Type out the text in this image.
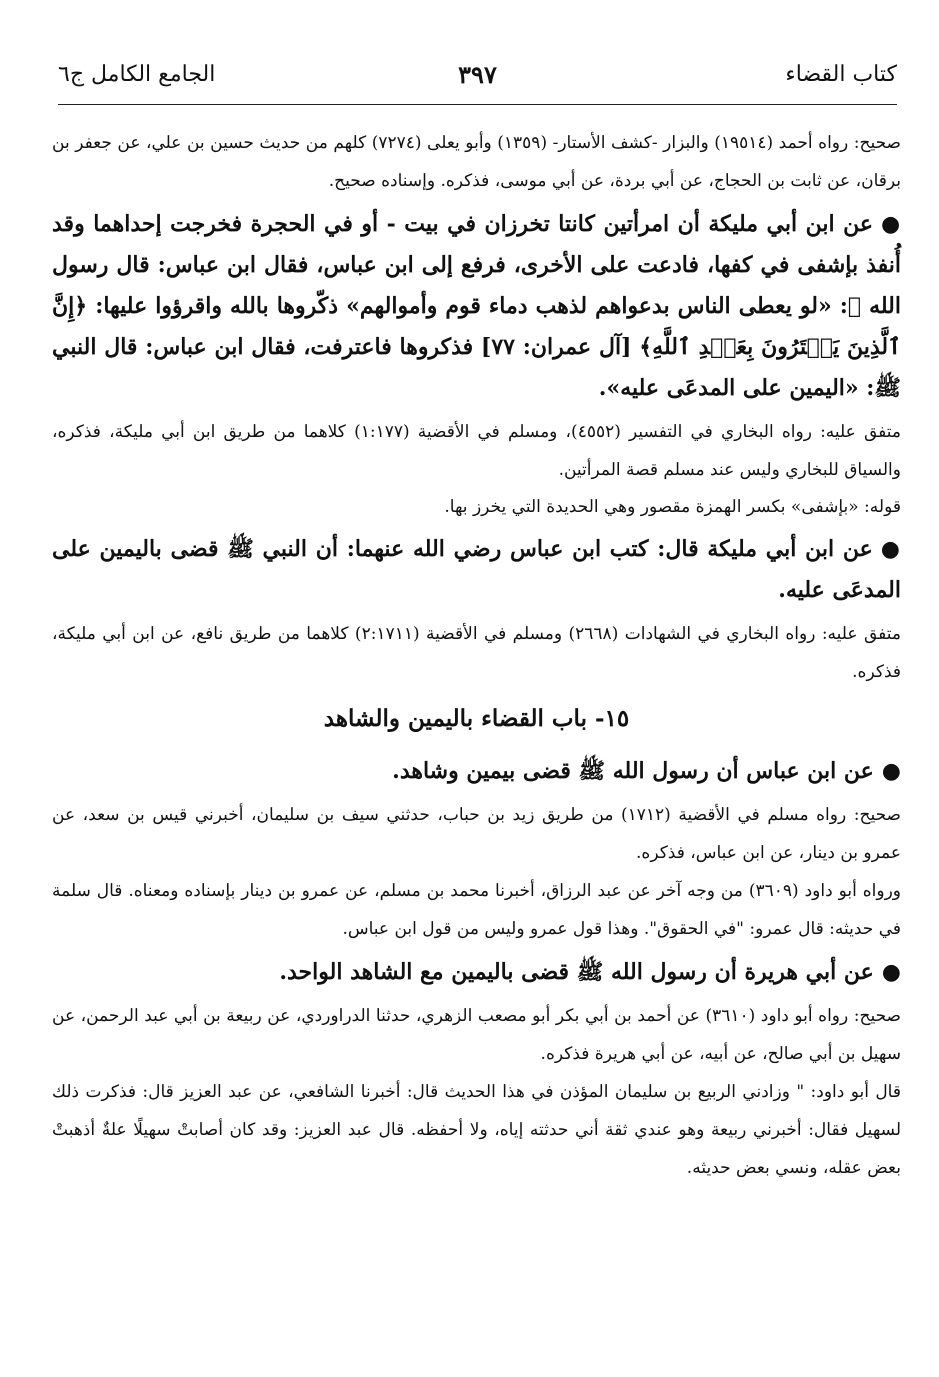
كتاب القضاء
٣٩٧
الجامع الكامل ج٦

صحيح: رواه أحمد (١٩٥١٤) والبزار -كشف الأستار- (١٣٥٩) وأبو يعلى (٧٢٧٤) كلهم من حديث حسين بن علي، عن جعفر بن برقان، عن ثابت بن الحجاج، عن أبي بردة، عن أبي موسى، فذكره. وإسناده صحيح.

●عن ابن أبي مليكة أن امرأتين كانتا تخرزان في بيت - أو في الحجرة فخرجت إحداهما وقد أُنفذ بإشفى في كفها، فادعت على الأخرى، فرفع إلى ابن عباس، فقال ابن عباس: قال رسول الله ﷺ: «لو يعطى الناس بدعواهم لذهب دماء قوم وأموالهم» ذكّروها بالله واقرؤوا عليها: ﴿إِنَّ ٱلَّذِينَ يَشۡتَرُونَ بِعَهۡدِ ٱللَّهِ﴾ [آل عمران: ٧٧] فذكروها فاعترفت، فقال ابن عباس: قال النبي ﷺ: «اليمين على المدعَى عليه».

متفق عليه: رواه البخاري في التفسير (٤٥٥٢)، ومسلم في الأقضية (١:١٧٧) كلاهما من طريق ابن أبي مليكة، فذكره، والسياق للبخاري وليس عند مسلم قصة المرأتين.

قوله: «بإشفى» بكسر الهمزة مقصور وهي الحديدة التي يخرز بها.

●عن ابن أبي مليكة قال: كتب ابن عباس رضي الله عنهما: أن النبي ﷺ قضى باليمين على المدعَى عليه.

متفق عليه: رواه البخاري في الشهادات (٢٦٦٨) ومسلم في الأقضية (٢:١٧١١) كلاهما من طريق نافع، عن ابن أبي مليكة، فذكره.

١٥- باب القضاء باليمين والشاهد

●عن ابن عباس أن رسول الله ﷺ قضى بيمين وشاهد.

صحيح: رواه مسلم في الأقضية (١٧١٢) من طريق زيد بن حباب، حدثني سيف بن سليمان، أخبرني قيس بن سعد، عن عمرو بن دينار، عن ابن عباس، فذكره.

ورواه أبو داود (٣٦٠٩) من وجه آخر عن عبد الرزاق، أخبرنا محمد بن مسلم، عن عمرو بن دينار بإسناده ومعناه. قال سلمة في حديثه: قال عمرو: "في الحقوق". وهذا قول عمرو وليس من قول ابن عباس.

●عن أبي هريرة أن رسول الله ﷺ قضى باليمين مع الشاهد الواحد.

صحيح: رواه أبو داود (٣٦١٠) عن أحمد بن أبي بكر أبو مصعب الزهري، حدثنا الدراوردي، عن ربيعة بن أبي عبد الرحمن، عن سهيل بن أبي صالح، عن أبيه، عن أبي هريرة فذكره.

قال أبو داود: " وزادني الربيع بن سليمان المؤذن في هذا الحديث قال: أخبرنا الشافعي، عن عبد العزيز قال: فذكرت ذلك لسهيل فقال: أخبرني ربيعة وهو عندي ثقة أني حدثته إياه، ولا أحفظه. قال عبد العزيز: وقد كان أصابتْ سهيلًا علةٌ أذهبتْ بعض عقله، ونسي بعض حديثه.
